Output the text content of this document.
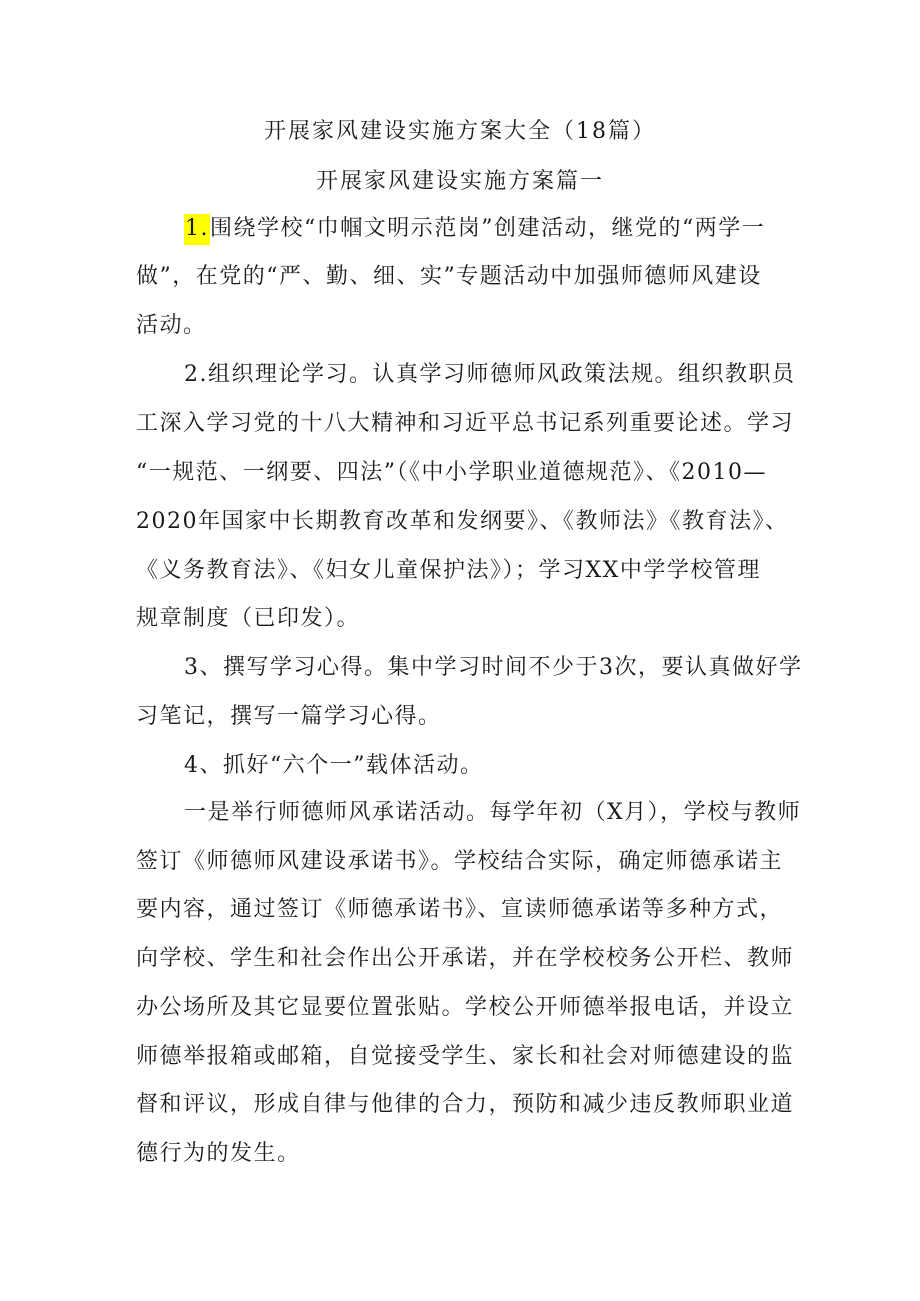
开展家风建设实施方案大全（18篇）
开展家风建设实施方案篇一
1.围绕学校“巾帼文明示范岗”创建活动，继党的“两学一
做”，在党的“严、勤、细、实”专题活动中加强师德师风建设
活动。
2.组织理论学习。认真学习师德师风政策法规。组织教职员
工深入学习党的十八大精神和习近平总书记系列重要论述。学习
“一规范、一纲要、四法”（《中小学职业道德规范》、《2010—
2020年国家中长期教育改革和发纲要》、《教师法》《教育法》、
《义务教育法》、《妇女儿童保护法》）；学习XX中学学校管理
规章制度（已印发）。
3、撰写学习心得。集中学习时间不少于3次，要认真做好学
习笔记，撰写一篇学习心得。
4、抓好“六个一”载体活动。
一是举行师德师风承诺活动。每学年初（X月），学校与教师
签订《师德师风建设承诺书》。学校结合实际，确定师德承诺主
要内容，通过签订《师德承诺书》、宣读师德承诺等多种方式，
向学校、学生和社会作出公开承诺，并在学校校务公开栏、教师
办公场所及其它显要位置张贴。学校公开师德举报电话，并设立
师德举报箱或邮箱，自觉接受学生、家长和社会对师德建设的监
督和评议，形成自律与他律的合力，预防和减少违反教师职业道
德行为的发生。
